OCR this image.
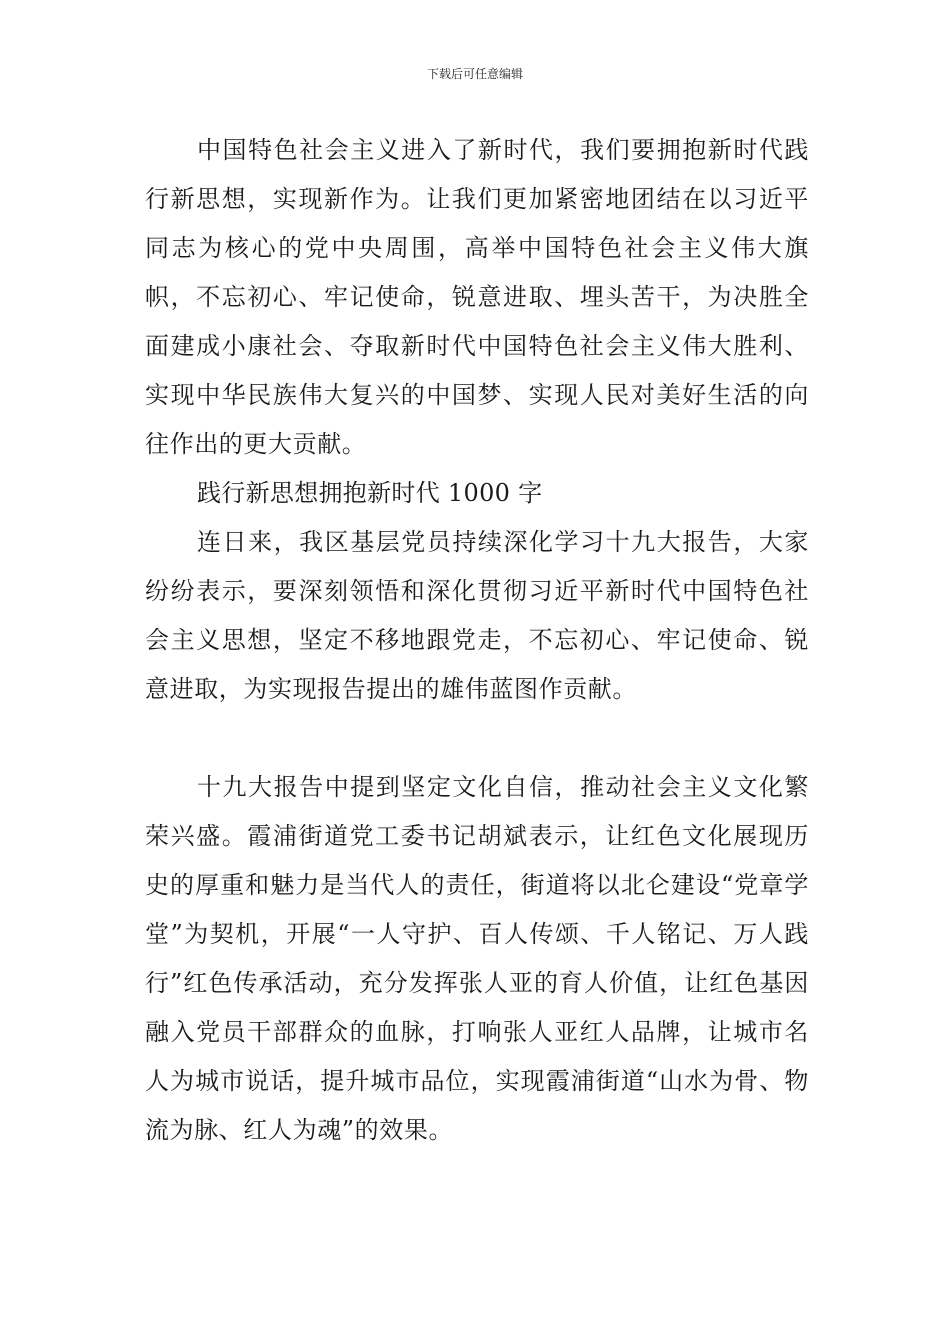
下载后可任意编辑

中国特色社会主义进入了新时代，我们要拥抱新时代践行新思想，实现新作为。让我们更加紧密地团结在以习近平同志为核心的党中央周围，高举中国特色社会主义伟大旗帜，不忘初心、牢记使命，锐意进取、埋头苦干，为决胜全面建成小康社会、夺取新时代中国特色社会主义伟大胜利、实现中华民族伟大复兴的中国梦、实现人民对美好生活的向往作出的更大贡献。

践行新思想拥抱新时代 1000 字

连日来，我区基层党员持续深化学习十九大报告，大家纷纷表示，要深刻领悟和深化贯彻习近平新时代中国特色社会主义思想，坚定不移地跟党走，不忘初心、牢记使命、锐意进取，为实现报告提出的雄伟蓝图作贡献。

十九大报告中提到坚定文化自信，推动社会主义文化繁荣兴盛。霞浦街道党工委书记胡斌表示，让红色文化展现历史的厚重和魅力是当代人的责任，街道将以北仑建设“党章学堂”为契机，开展“一人守护、百人传颂、千人铭记、万人践行”红色传承活动，充分发挥张人亚的育人价值，让红色基因融入党员干部群众的血脉，打响张人亚红人品牌，让城市名人为城市说话，提升城市品位，实现霞浦街道“山水为骨、物流为脉、红人为魂”的效果。
